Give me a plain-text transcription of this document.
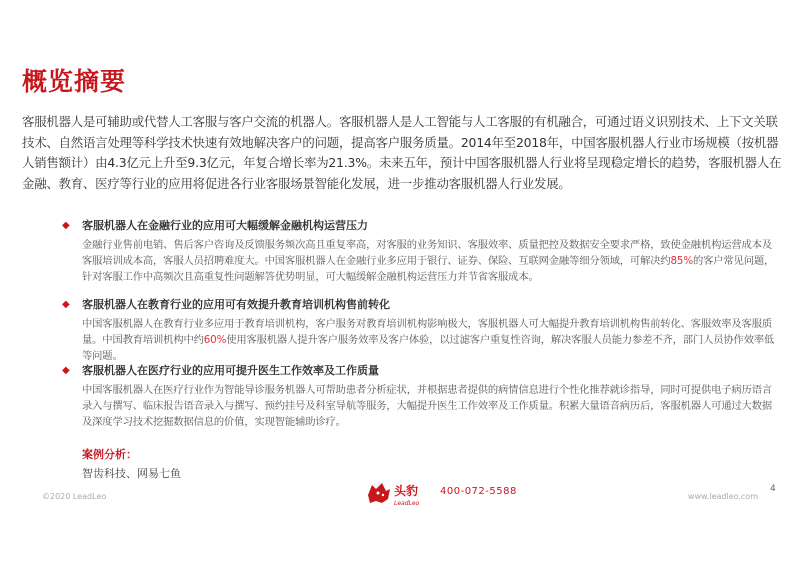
概览摘要
客服机器人是可辅助或代替人工客服与客户交流的机器人。客服机器人是人工智能与人工客服的有机融合，可通过语义识别技术、上下文关联技术、自然语言处理等科学技术快速有效地解决客户的问题，提高客户服务质量。2014年至2018年，中国客服机器人行业市场规模（按机器人销售额计）由4.3亿元上升至9.3亿元，年复合增长率为21.3%。未来五年，预计中国客服机器人行业将呈现稳定增长的趋势，客服机器人在金融、教育、医疗等行业的应用将促进各行业客服场景智能化发展，进一步推动客服机器人行业发展。
◆ 客服机器人在金融行业的应用可大幅缓解金融机构运营压力
金融行业售前电销、售后客户咨询及反馈服务频次高且重复率高，对客服的业务知识、客服效率、质量把控及数据安全要求严格，致使金融机构运营成本及客服培训成本高，客服人员招聘难度大。中国客服机器人在金融行业多应用于银行、证券、保险、互联网金融等细分领域，可解决约85%的客户常见问题，针对客服工作中高频次且高重复性问题解答优势明显，可大幅缓解金融机构运营压力并节省客服成本。
◆ 客服机器人在教育行业的应用可有效提升教育培训机构售前转化
中国客服机器人在教育行业多应用于教育培训机构，客户服务对教育培训机构影响极大，客服机器人可大幅提升教育培训机构售前转化、客服效率及客服质量。中国教育培训机构中约60%使用客服机器人提升客户服务效率及客户体验，以过滤客户重复性咨询，解决客服人员能力参差不齐，部门人员协作效率低等问题。
◆ 客服机器人在医疗行业的应用可提升医生工作效率及工作质量
中国客服机器人在医疗行业作为智能导诊服务机器人可帮助患者分析症状，并根据患者提供的病情信息进行个性化推荐就诊指导，同时可提供电子病历语言录入与撰写、临床报告语音录入与撰写、预约挂号及科室导航等服务，大幅提升医生工作效率及工作质量。积累大量语音病历后，客服机器人可通过大数据及深度学习技术挖掘数据信息的价值，实现智能辅助诊疗。
案例分析：
智齿科技、网易七鱼
©2020 LeadLeo	头豹
LeadLeo
400-072-5588	www.leadleo.com
4
